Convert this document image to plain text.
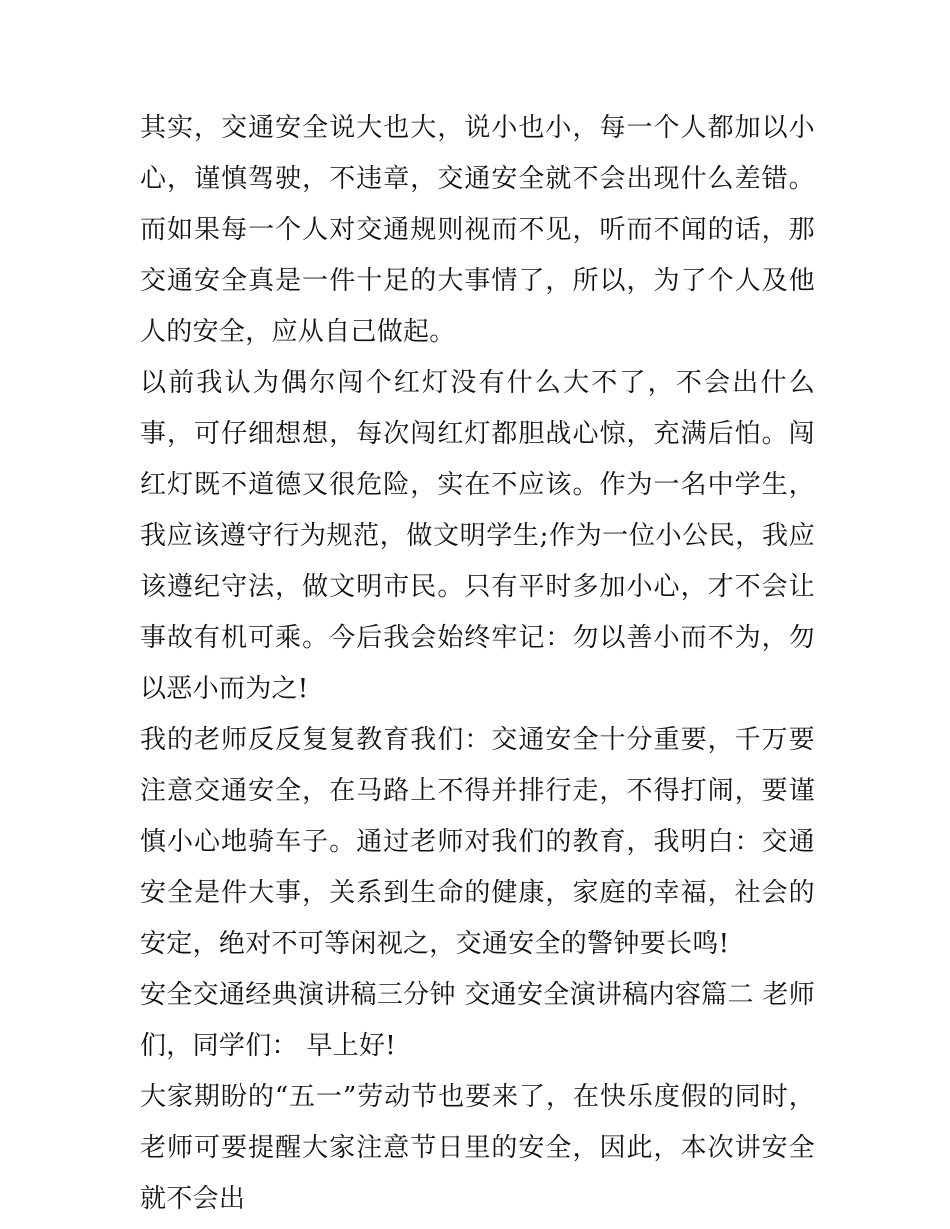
其实，交通安全说大也大，说小也小，每一个人都加以小心，谨慎驾驶，不违章，交通安全就不会出现什么差错。而如果每一个人对交通规则视而不见，听而不闻的话，那交通安全真是一件十足的大事情了，所以，为了个人及他人的安全，应从自己做起。

以前我认为偶尔闯个红灯没有什么大不了，不会出什么事，可仔细想想，每次闯红灯都胆战心惊，充满后怕。闯红灯既不道德又很危险，实在不应该。作为一名中学生，我应该遵守行为规范，做文明学生;作为一位小公民，我应该遵纪守法，做文明市民。只有平时多加小心，才不会让事故有机可乘。今后我会始终牢记：勿以善小而不为，勿以恶小而为之!

我的老师反反复复教育我们：交通安全十分重要，千万要注意交通安全，在马路上不得并排行走，不得打闹，要谨慎小心地骑车子。通过老师对我们的教育，我明白：交通安全是件大事，关系到生命的健康，家庭的幸福，社会的安定，绝对不可等闲视之，交通安全的警钟要长鸣!

安全交通经典演讲稿三分钟 交通安全演讲稿内容篇二 老师们，同学们： 早上好!

大家期盼的“五一”劳动节也要来了，在快乐度假的同时，老师可要提醒大家注意节日里的安全，因此，本次讲安全就不会出
